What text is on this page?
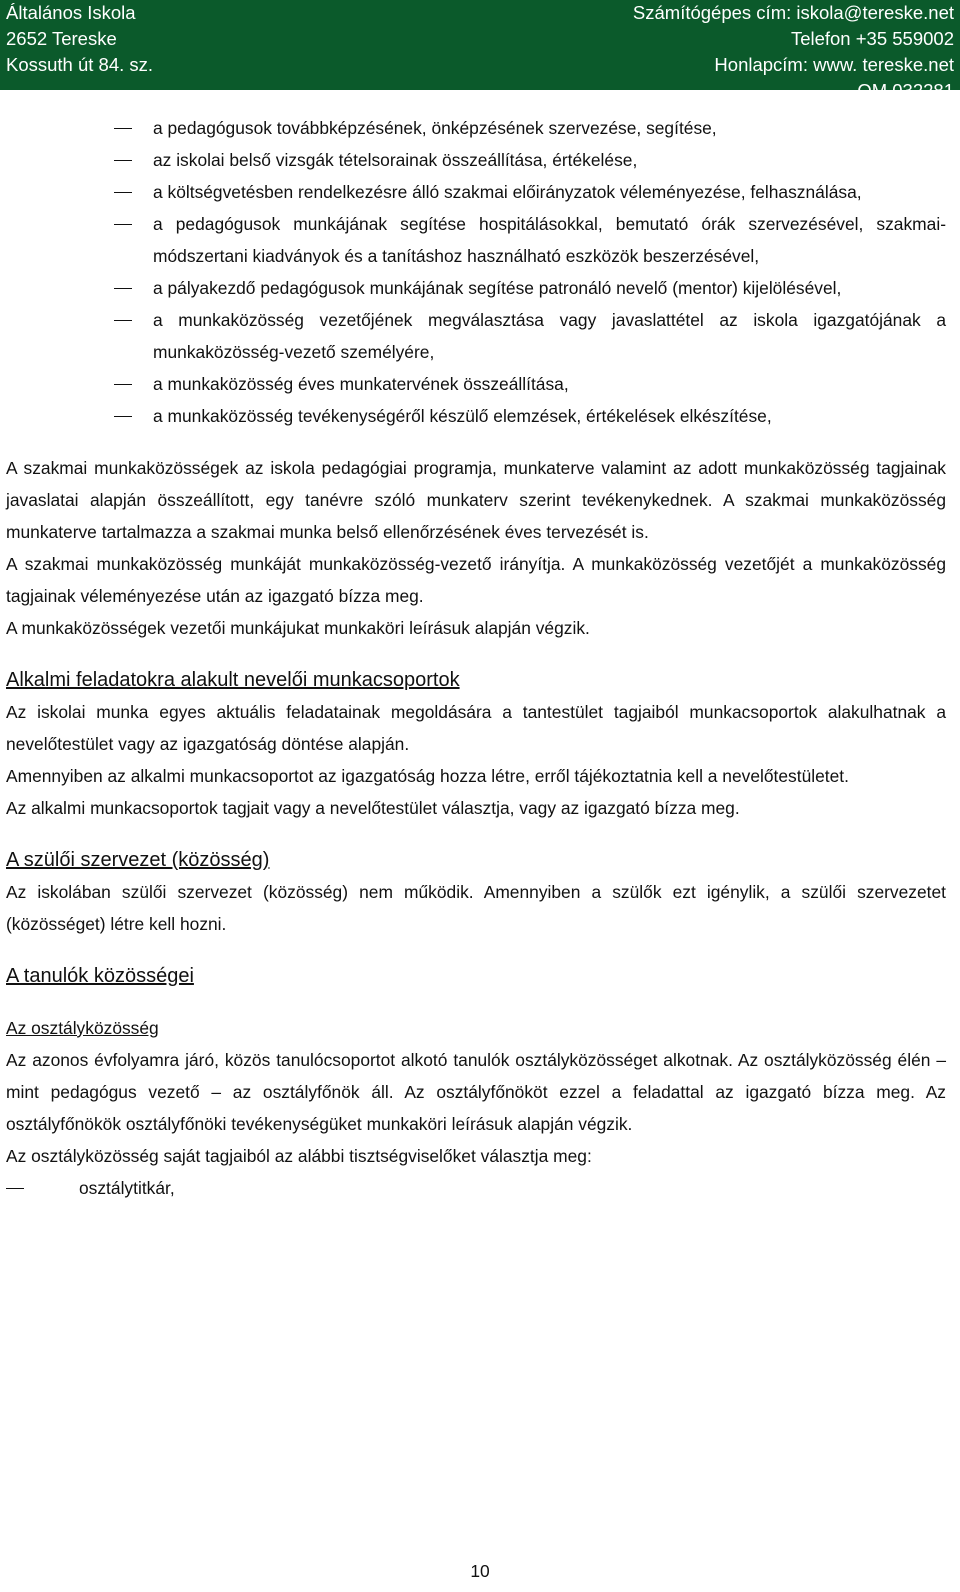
Általános Iskola
2652 Tereske
Kossuth út 84. sz.
Számítógépes cím: iskola@tereske.net
Telefon +35 559002
Honlapcím: www. tereske.net
OM 032281
a pedagógusok továbbképzésének, önképzésének szervezése, segítése,
az iskolai belső vizsgák tételsorainak összeállítása, értékelése,
a költségvetésben rendelkezésre álló szakmai előirányzatok véleményezése, felhasználása,
a pedagógusok munkájának segítése hospitálásokkal, bemutató órák szervezésével, szakmai-módszertani kiadványok és a tanításhoz használható eszközök beszerzésével,
a pályakezdő pedagógusok munkájának segítése patronáló nevelő (mentor) kijelölésével,
a munkaközösség vezetőjének megválasztása vagy javaslattétel az iskola igazgatójának a munkaközösség-vezető személyére,
a munkaközösség éves munkatervének összeállítása,
a munkaközösség tevékenységéről készülő elemzések, értékelések elkészítése,

A szakmai munkaközösségek az iskola pedagógiai programja, munkaterve valamint az adott munkaközösség tagjainak javaslatai alapján összeállított, egy tanévre szóló munkaterv szerint tevékenykednek. A szakmai munkaközösség munkaterve tartalmazza a szakmai munka belső ellenőrzésének éves tervezését is.

A szakmai munkaközösség munkáját munkaközösség-vezető irányítja. A munkaközösség vezetőjét a munkaközösség tagjainak véleményezése után az igazgató bízza meg.

A munkaközösségek vezetői munkájukat munkaköri leírásuk alapján végzik.

Alkalmi feladatokra alakult nevelői munkacsoportok

Az iskolai munka egyes aktuális feladatainak megoldására a tantestület tagjaiból munkacsoportok alakulhatnak a nevelőtestület vagy az igazgatóság döntése alapján.

Amennyiben az alkalmi munkacsoportot az igazgatóság hozza létre, erről tájékoztatnia kell a nevelőtestületet.

Az alkalmi munkacsoportok tagjait vagy a nevelőtestület választja, vagy az igazgató bízza meg.

A szülői szervezet (közösség)

Az iskolában szülői szervezet (közösség) nem működik. Amennyiben a szülők ezt igénylik, a szülői szervezetet (közösséget) létre kell hozni.

A tanulók közösségei

Az osztályközösség

Az azonos évfolyamra járó, közös tanulócsoportot alkotó tanulók osztályközösséget alkotnak. Az osztályközösség élén – mint pedagógus vezető – az osztályfőnök áll. Az osztályfőnököt ezzel a feladattal az igazgató bízza meg. Az osztályfőnökök osztályfőnöki tevékenységüket munkaköri leírásuk alapján végzik.

Az osztályközösség saját tagjaiból az alábbi tisztségviselőket választja meg:

osztálytitkár,
10
